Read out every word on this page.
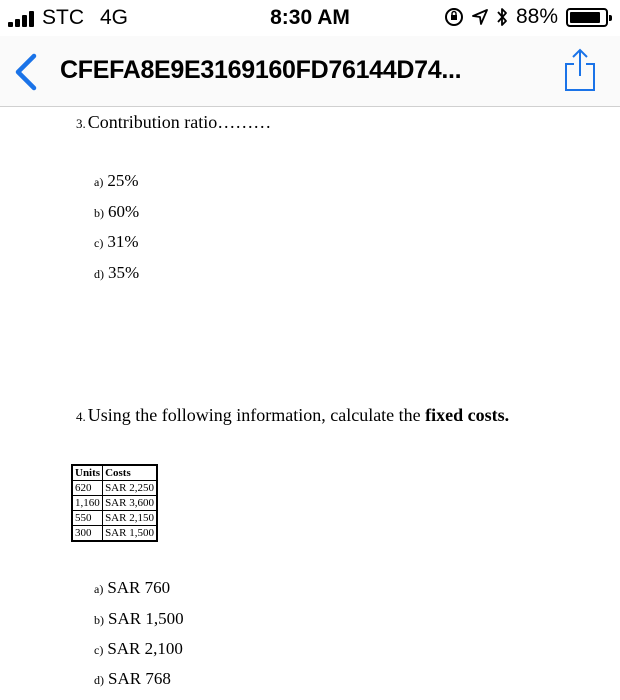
STC 4G	8:30 AM	88%
CFEFA8E9E3169160FD76144D74...
3. Contribution ratio………
a) 25%
b) 60%
c) 31%
d) 35%
4. Using the following information, calculate the fixed costs.
Units	Costs
620	SAR 2,250
1,160	SAR 3,600
550	SAR 2,150
300	SAR 1,500
a) SAR 760
b) SAR 1,500
c) SAR 2,100
d) SAR 768
